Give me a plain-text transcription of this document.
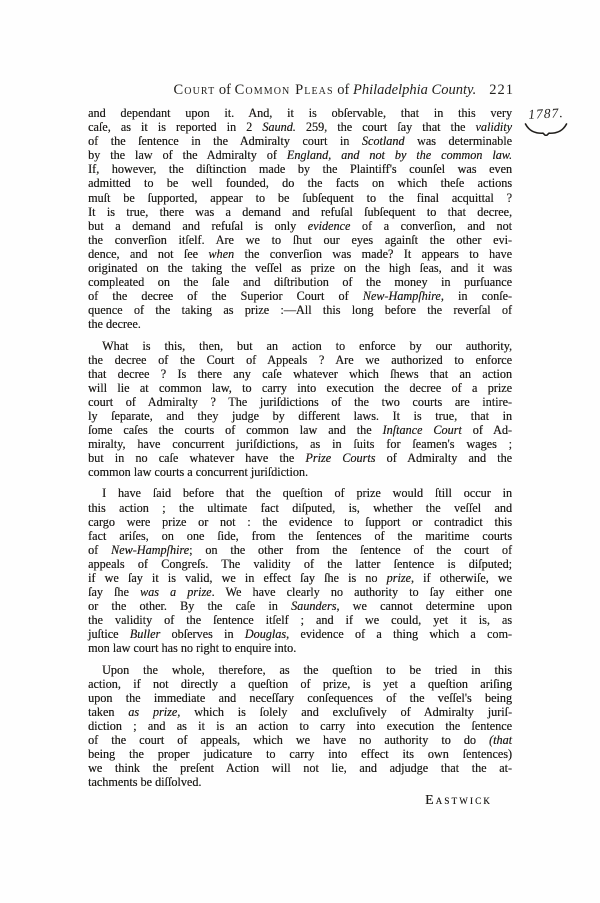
Court of Common Pleas of Philadelphia County. 221
1787.
and dependant upon it. And, it is obſervable, that in this very
caſe, as it is reported in 2 Saund. 259, the court ſay that the validity
of the ſentence in the Admiralty court in Scotland was determinable
by the law of the Admiralty of England, and not by the common law.
If, however, the diſtinction made by the Plaintiff's counſel was even
admitted to be well founded, do the facts on which theſe actions
muſt be ſupported, appear to be ſubſequent to the final acquittal ?
It is true, there was a demand and refuſal ſubſequent to that decree,
but a demand and refuſal is only evidence of a converſion, and not
the converſion itſelf. Are we to ſhut our eyes againſt the other evi-
dence, and not ſee when the converſion was made? It appears to have
originated on the taking the veſſel as prize on the high ſeas, and it was
compleated on the ſale and diſtribution of the money in purſuance
of the decree of the Superior Court of New-Hampſhire, in conſe-
quence of the taking as prize :—All this long before the reverſal of
the decree.
What is this, then, but an action to enforce by our authority,
the decree of the Court of Appeals ? Are we authorized to enforce
that decree ? Is there any caſe whatever which ſhews that an action
will lie at common law, to carry into execution the decree of a prize
court of Admiralty ? The juriſdictions of the two courts are intire-
ly ſeparate, and they judge by different laws. It is true, that in
ſome caſes the courts of common law and the Inſtance Court of Ad-
miralty, have concurrent juriſdictions, as in ſuits for ſeamen's wages ;
but in no caſe whatever have the Prize Courts of Admiralty and the
common law courts a concurrent juriſdiction.
I have ſaid before that the queſtion of prize would ſtill occur in
this action ; the ultimate fact diſputed, is, whether the veſſel and
cargo were prize or not : the evidence to ſupport or contradict this
fact ariſes, on one ſide, from the ſentences of the maritime courts
of New-Hampſhire; on the other from the ſentence of the court of
appeals of Congreſs. The validity of the latter ſentence is diſputed;
if we ſay it is valid, we in effect ſay ſhe is no prize, if otherwiſe, we
ſay ſhe was a prize. We have clearly no authority to ſay either one
or the other. By the caſe in Saunders, we cannot determine upon
the validity of the ſentence itſelf ; and if we could, yet it is, as
juſtice Buller obſerves in Douglas, evidence of a thing which a com-
mon law court has no right to enquire into.
Upon the whole, therefore, as the queſtion to be tried in this
action, if not directly a queſtion of prize, is yet a queſtion ariſing
upon the immediate and neceſſary conſequences of the veſſel's being
taken as prize, which is ſolely and excluſively of Admiralty juriſ-
diction ; and as it is an action to carry into execution the ſentence
of the court of appeals, which we have no authority to do (that
being the proper judicature to carry into effect its own ſentences)
we think the preſent Action will not lie, and adjudge that the at-
tachments be diſſolved.
Eastwick
